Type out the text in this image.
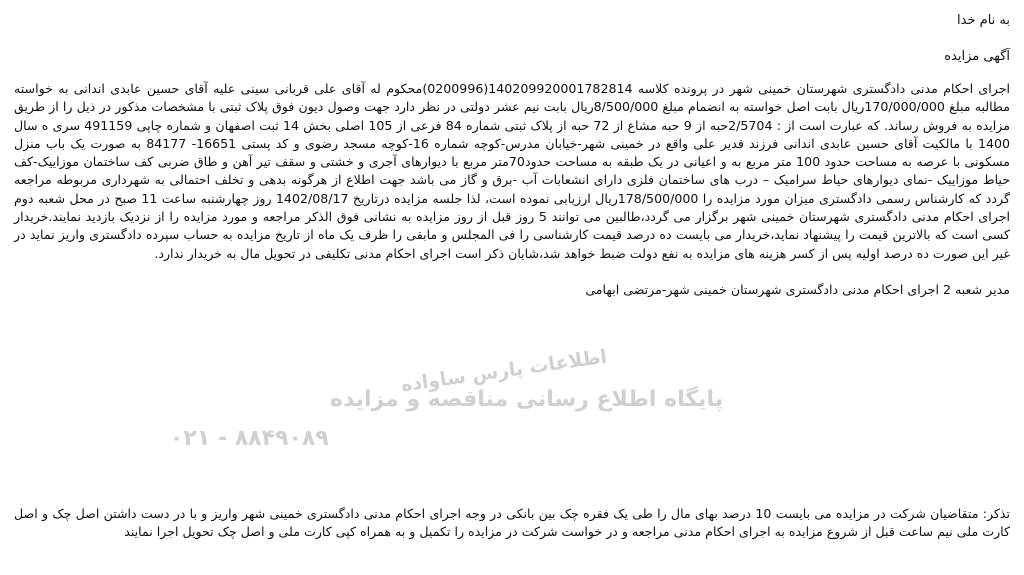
به نام خدا

آگهی مزایده

اجرای احکام مدنی دادگستری شهرستان خمینی شهر در پرونده کلاسه 140209920001782814(0200996)محکوم له آقای علی قربانی سینی علیه آقای حسین عابدی اندانی به خواسته مطالبه مبلغ 170/000/000ریال بابت اصل خواسته به انضمام مبلغ 8/500/000ریال بابت نیم عشر دولتی در نظر دارد جهت وصول دیون فوق پلاک ثبتی با مشخصات مذکور در ذیل را از طریق مزایده به فروش رساند. که عبارت است از : 2/5704حبه از 9 حبه مشاع از 72 حبه از پلاک ثبتی شماره 84 فرعی از 105 اصلی بخش 14 ثبت اصفهان و شماره چاپی 491159 سری ه سال 1400 با مالکیت آقای حسین عابدی اندانی فرزند قدیر علی واقع در خمینی شهر-خیابان مدرس-کوچه شماره 16-کوچه مسجد رضوی و کد پستی 16651- 84177 به صورت یک باب منزل مسکونی با عرصه به مساحت حدود 100 متر مربع به و اعیانی در یک طبقه به مساحت حدود70متر مربع با دیوارهای آجری و خشتی و سقف تیر آهن و طاق ضربی کف ساختمان موزاییک-کف حیاط موزاییک -نمای دیوارهای حیاط سرامیک – درب های ساختمان فلزی دارای انشعابات آب -برق و گاز می باشد جهت اطلاع از هرگونه بدهی و تخلف احتمالی به شهرداری مربوطه مراجعه گردد که کارشناس رسمی دادگستری میزان مورد مزایده را 178/500/000ریال ارزیابی نموده است، لذا جلسه مزایده درتاریخ 1402/08/17 روز چهارشنبه ساعت 11 صبح در محل شعبه دوم اجرای احکام مدنی دادگستری شهرستان خمینی شهر برگزار می گردد،طالبین می توانند 5 روز قبل از روز مزایده به نشانی فوق الذکر مراجعه و مورد مزایده را از نزدیک بازدید نمایند.خریدار کسی است که بالاترین قیمت را پیشنهاد نماید،خریدار می بایست ده درصد قیمت کارشناسی را فی المجلس و مابقی را ظرف یک ماه از تاریخ مزایده به حساب سپرده دادگستری واریز نماید در غیر این صورت ده درصد اولیه پس از کسر هزینه های مزایده به نفع دولت ضبط خواهد شد،شایان ذکر است اجرای احکام مدنی تکلیفی در تحویل مال به خریدار ندارد.

مدیر شعبه 2 اجرای احکام مدنی دادگستری شهرستان خمینی شهر-مرتضی ابهامی

اطلاعات پارس ساواده
پایگاه اطلاع رسانی مناقصه و مزایده
۰۲۱ - ۸۸۴۹۰۸۹

تذکر: متقاضیان شرکت در مزایده می بایست 10 درصد بهای مال را طی یک فقره چک بین بانکی در وجه اجرای احکام مدنی دادگستری خمینی شهر واریز و با در دست داشتن اصل چک و اصل کارت ملی نیم ساعت قبل از شروع مزایده به اجرای احکام مدنی مراجعه و در خواست شرکت در مزایده را تکمیل و به همراه کپی کارت ملی و اصل چک تحویل اجرا نمایند
